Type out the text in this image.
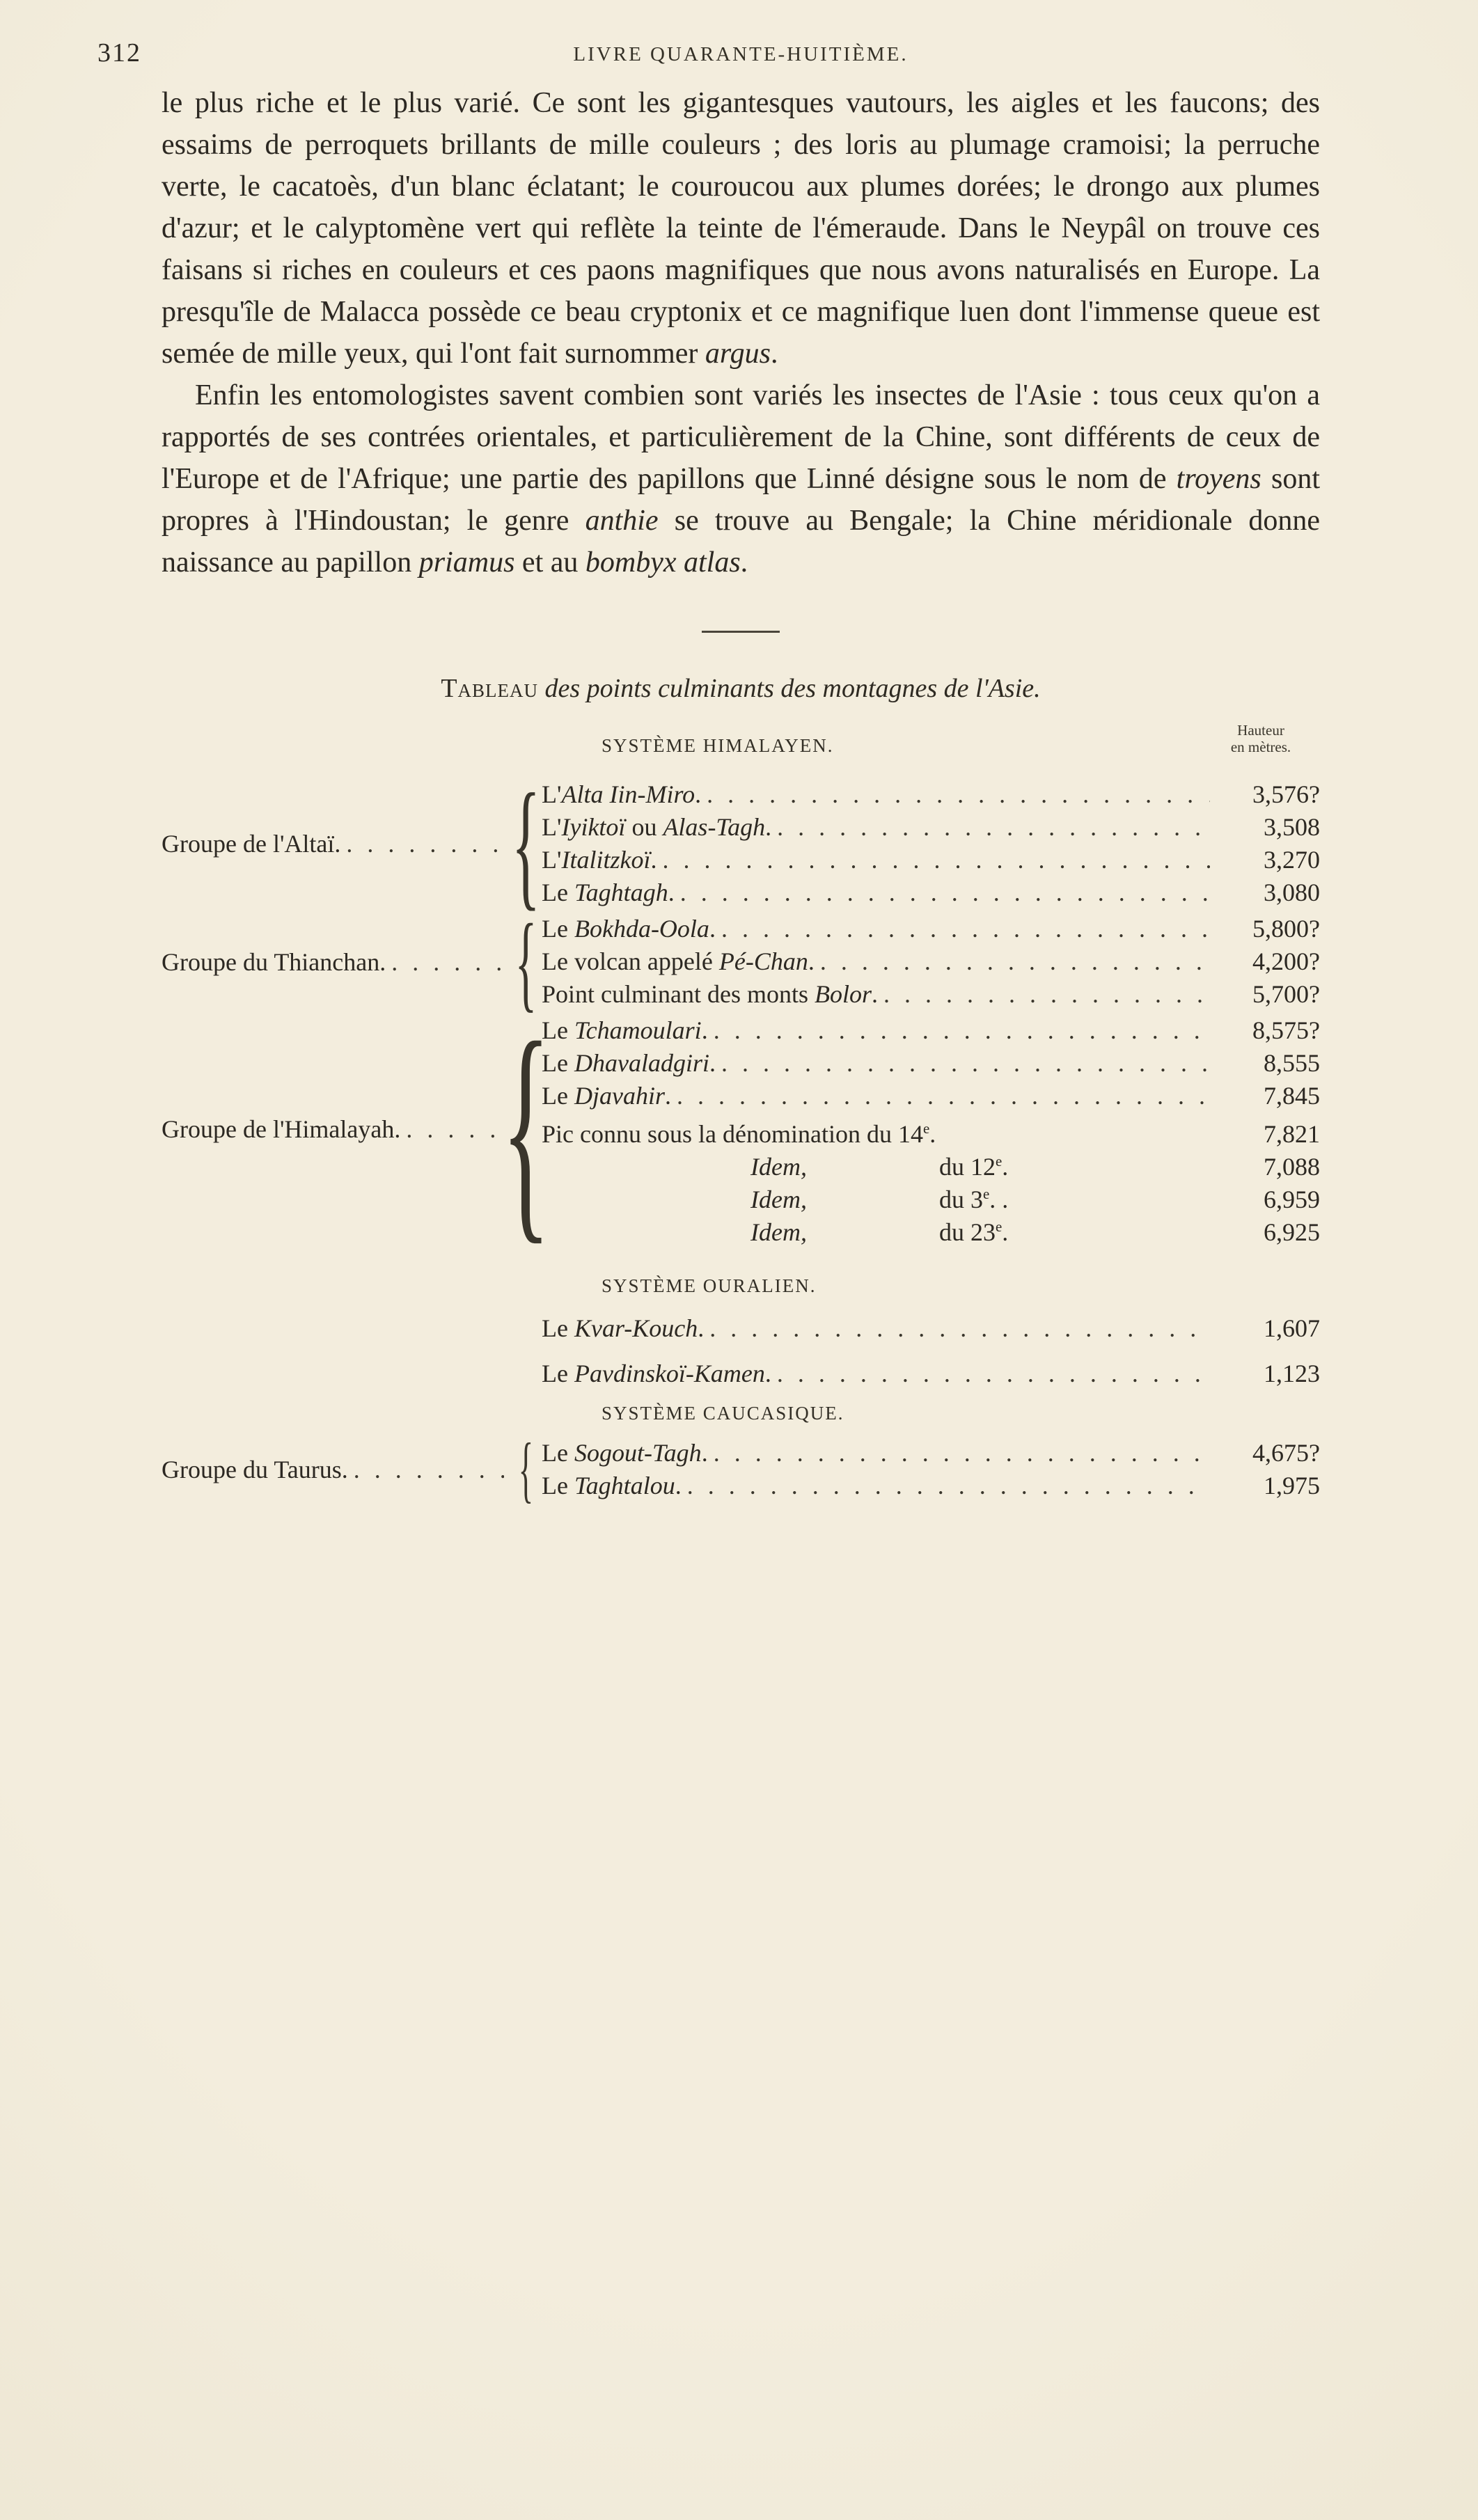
312	LIVRE QUARANTE-HUITIÈME.

le plus riche et le plus varié. Ce sont les gigantesques vautours, les aigles et les faucons; des essaims de perroquets brillants de mille couleurs ; des loris au plumage cramoisi; la perruche verte, le cacatoès, d'un blanc éclatant; le couroucou aux plumes dorées; le drongo aux plumes d'azur; et le calyptomène vert qui reflète la teinte de l'émeraude. Dans le Neypâl on trouve ces faisans si riches en couleurs et ces paons magnifiques que nous avons naturalisés en Europe. La presqu'île de Malacca possède ce beau cryptonix et ce magnifique luen dont l'immense queue est semée de mille yeux, qui l'ont fait surnommer argus.

Enfin les entomologistes savent combien sont variés les insectes de l'Asie : tous ceux qu'on a rapportés de ses contrées orientales, et particulièrement de la Chine, sont différents de ceux de l'Europe et de l'Afrique; une partie des papillons que Linné désigne sous le nom de troyens sont propres à l'Hindoustan; le genre anthie se trouve au Bengale; la Chine méridionale donne naissance au papillon priamus et au bombyx atlas.

Tableau des points culminants des montagnes de l'Asie.
SYSTÈME HIMALAYEN.
Hauteur
en mètres.
Groupe de l'Altaï. . . . { L'Alta Iin-Miro. . . .	3,576?
L'Iyiktoï ou Alas-Tagh. . . .	3,508
L'Italitzkoï. . . .	3,270
Le Taghtagh. . . .	3,080
Groupe du Thianchan. . . . { Le Bokhda-Oola. . . .	5,800?
Le volcan appelé Pé-Chan. . . .	4,200?
Point culminant des monts Bolor. . . .	5,700?
Groupe de l'Himalayah. . . . {
Le Tchamoulari. . . .	8,575?
Le Dhavaladgiri. . . .	8,555
Le Djavahir. . . .	7,845
Pic connu sous la dénomination du 14e.	7,821
Idem,	du 12e.	7,088
Idem,	du 3e. .	6,959
Idem,	du 23e.	6,925
SYSTÈME OURALIEN.
Le Kvar-Kouch. . . .	1,607
Le Pavdinskoï-Kamen. . . .	1,123
SYSTÈME CAUCASIQUE.
Groupe du Taurus. . . . { Le Sogout-Tagh. . . .	4,675?
Le Taghtalou. . . .	1,975
